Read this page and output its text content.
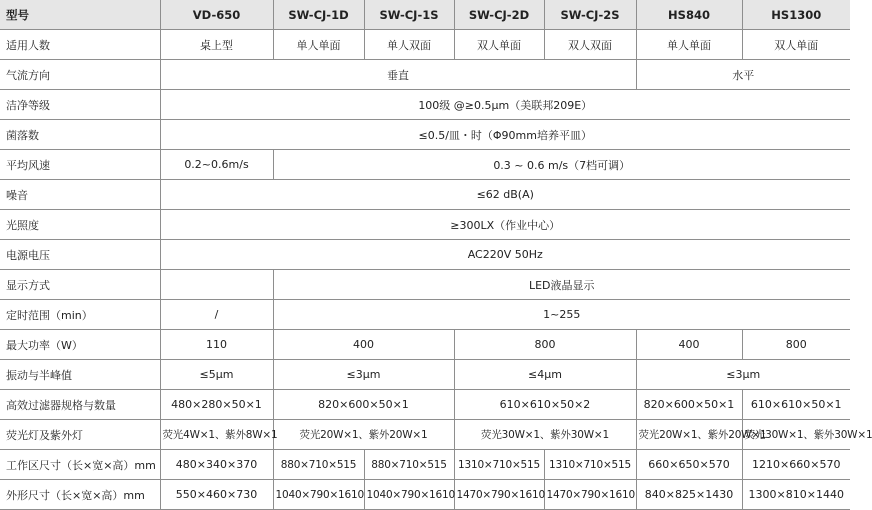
型号	VD-650	SW-CJ-1D	SW-CJ-1S	SW-CJ-2D	SW-CJ-2S	HS840	HS1300
适用人数	桌上型	单人单面	单人双面	双人单面	双人双面	单人单面	双人单面
气流方向	垂直					水平	
洁净等级	100级 @≥0.5μm（美联邦209E）						
菌落数	≤0.5/皿・时（Φ90mm培养平皿）						
平均风速	0.2~0.6m/s	0.3 ~ 0.6 m/s（7档可调）					
噪音	≤62 dB(A)						
光照度	≥300LX（作业中心）						
电源电压	AC220V 50Hz						
显示方式		LED液晶显示					
定时范围（min）	/	1~255					
最大功率（W）	110	400		800		400	800
振动与半峰值	≤5μm	≤3μm		≤4μm		≤3μm	
高效过滤器规格与数量	480×280×50×1	820×600×50×1		610×610×50×2		820×600×50×1	610×610×50×1
荧光灯及紫外灯	荧光4W×1、紫外8W×1	荧光20W×1、紫外20W×1		荧光30W×1、紫外30W×1		荧光20W×1、紫外20W×1	荧光30W×1、紫外30W×1
工作区尺寸（长×宽×高）mm	480×340×370	880×710×515	880×710×515	1310×710×515	1310×710×515	660×650×570	1210×660×570
外形尺寸（长×宽×高）mm	550×460×730	1040×790×1610	1040×790×1610	1470×790×1610	1470×790×1610	840×825×1430	1300×810×1440
